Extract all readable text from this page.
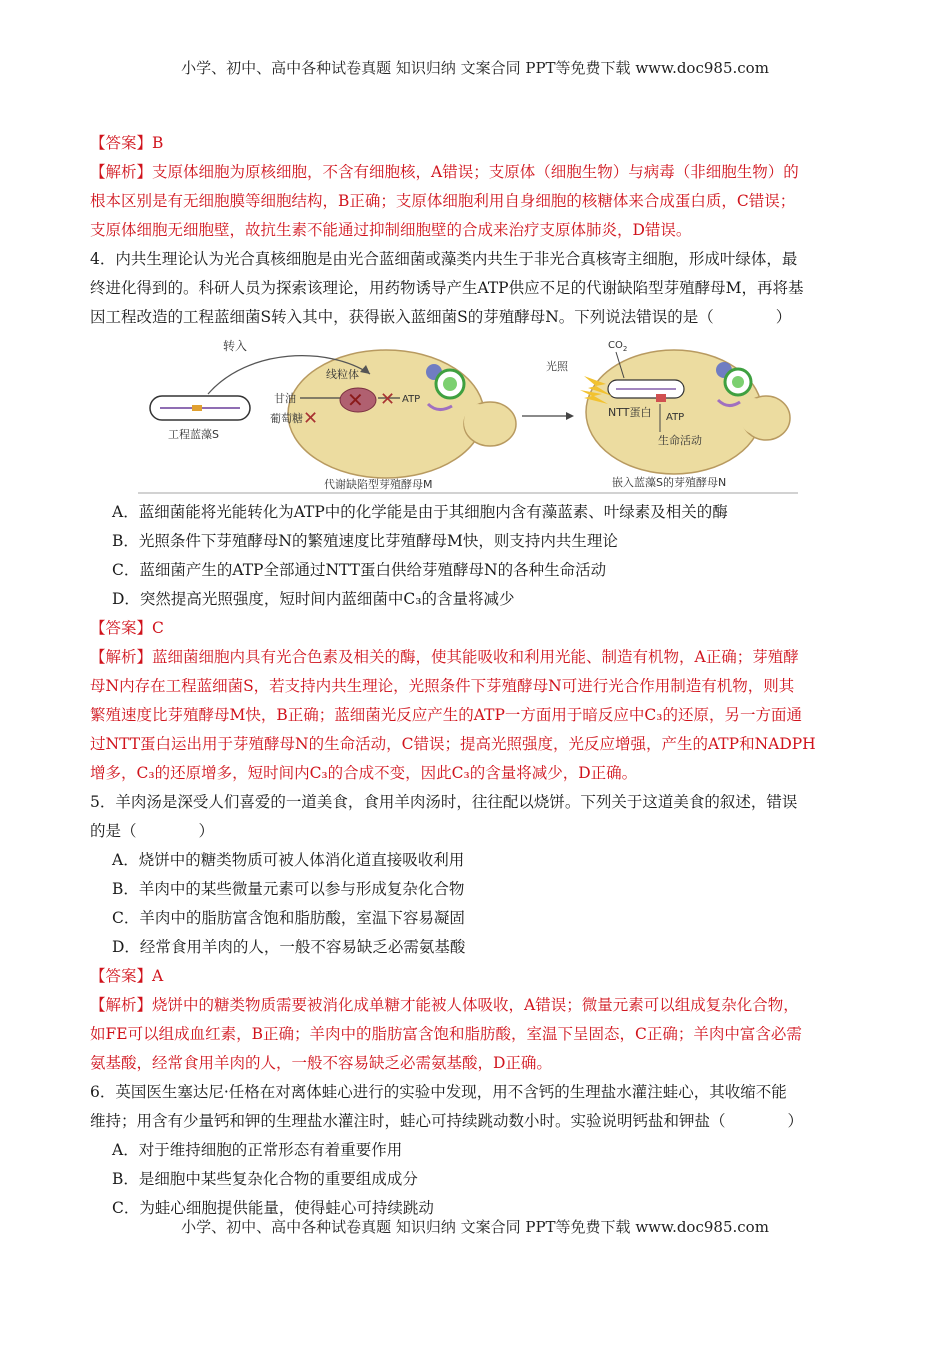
小学、初中、高中各种试卷真题 知识归纳 文案合同 PPT等免费下载 www.doc985.com
【答案】B
【解析】支原体细胞为原核细胞，不含有细胞核，A错误；支原体（细胞生物）与病毒（非细胞生物）的
根本区别是有无细胞膜等细胞结构，B正确；支原体细胞利用自身细胞的核糖体来合成蛋白质，C错误；
支原体细胞无细胞壁，故抗生素不能通过抑制细胞壁的合成来治疗支原体肺炎，D错误。
4．内共生理论认为光合真核细胞是由光合蓝细菌或藻类内共生于非光合真核寄主细胞，形成叶绿体，最
终进化得到的。科研人员为探索该理论，用药物诱导产生ATP供应不足的代谢缺陷型芽殖酵母M，再将基
因工程改造的工程蓝细菌S转入其中，获得嵌入蓝细菌S的芽殖酵母N。下列说法错误的是（　　　　）
工程蓝藻S
转入
甘油
葡萄糖 ✕
✕
线粒体
✕ ATP
代谢缺陷型芽殖酵母M
光照
$CO_2$
NTT蛋白 ATP
生命活动
嵌入蓝藻S的芽殖酵母N
A．蓝细菌能将光能转化为ATP中的化学能是由于其细胞内含有藻蓝素、叶绿素及相关的酶
B．光照条件下芽殖酵母N的繁殖速度比芽殖酵母M快，则支持内共生理论
C．蓝细菌产生的ATP全部通过NTT蛋白供给芽殖酵母N的各种生命活动
D．突然提高光照强度，短时间内蓝细菌中C₃的含量将减少
【答案】C
【解析】蓝细菌细胞内具有光合色素及相关的酶，使其能吸收和利用光能、制造有机物，A正确；芽殖酵
母N内存在工程蓝细菌S，若支持内共生理论，光照条件下芽殖酵母N可进行光合作用制造有机物，则其
繁殖速度比芽殖酵母M快，B正确；蓝细菌光反应产生的ATP一方面用于暗反应中C₃的还原，另一方面通
过NTT蛋白运出用于芽殖酵母N的生命活动，C错误；提高光照强度，光反应增强，产生的ATP和NADPH
增多，C₃的还原增多，短时间内C₃的合成不变，因此C₃的含量将减少，D正确。
5．羊肉汤是深受人们喜爱的一道美食，食用羊肉汤时，往往配以烧饼。下列关于这道美食的叙述，错误
的是（　　　　）
A．烧饼中的糖类物质可被人体消化道直接吸收利用
B．羊肉中的某些微量元素可以参与形成复杂化合物
C．羊肉中的脂肪富含饱和脂肪酸，室温下容易凝固
D．经常食用羊肉的人，一般不容易缺乏必需氨基酸
【答案】A
【解析】烧饼中的糖类物质需要被消化成单糖才能被人体吸收，A错误；微量元素可以组成复杂化合物，
如FE可以组成血红素，B正确；羊肉中的脂肪富含饱和脂肪酸，室温下呈固态，C正确；羊肉中富含必需
氨基酸，经常食用羊肉的人，一般不容易缺乏必需氨基酸，D正确。
6．英国医生塞达尼·任格在对离体蛙心进行的实验中发现，用不含钙的生理盐水灌注蛙心，其收缩不能
维持；用含有少量钙和钾的生理盐水灌注时，蛙心可持续跳动数小时。实验说明钙盐和钾盐（　　　　）
A．对于维持细胞的正常形态有着重要作用
B．是细胞中某些复杂化合物的重要组成成分
C．为蛙心细胞提供能量，使得蛙心可持续跳动
小学、初中、高中各种试卷真题 知识归纳 文案合同 PPT等免费下载 www.doc985.com
